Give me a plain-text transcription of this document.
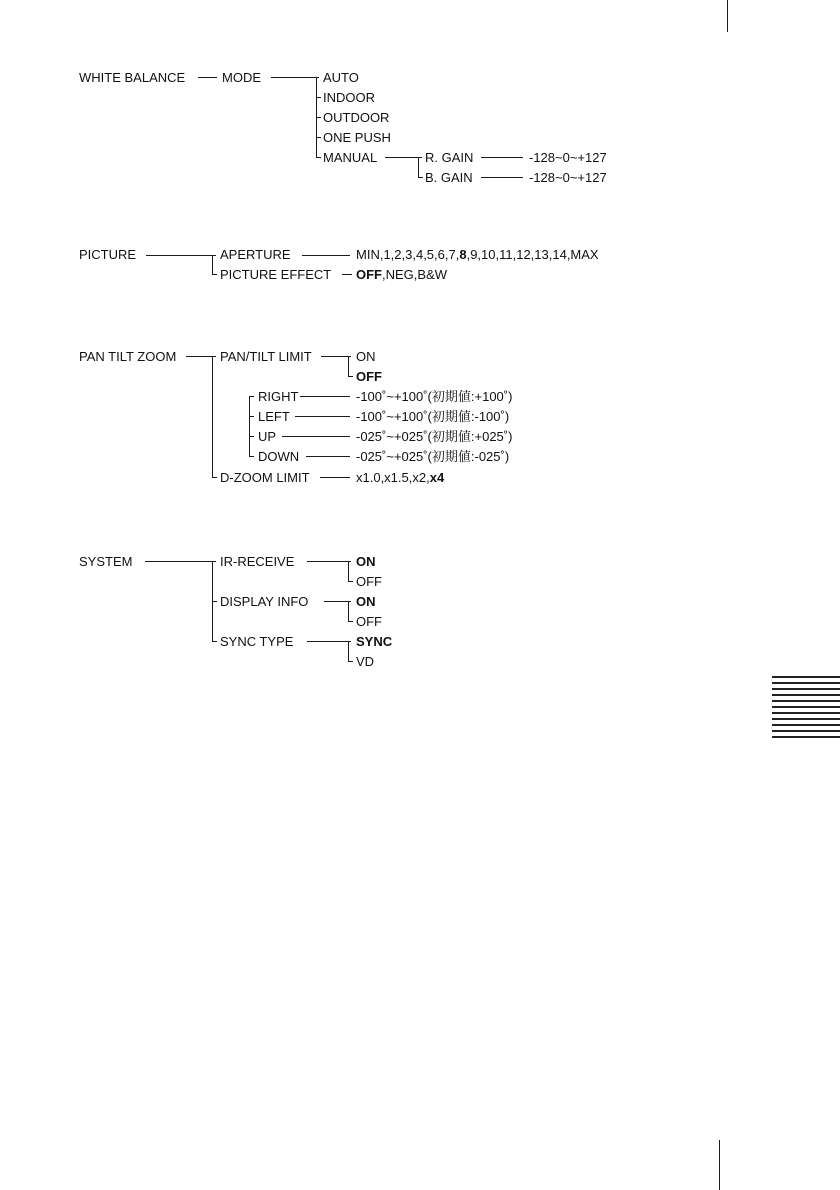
WHITE BALANCE	MODE	AUTO
INDOOR
OUTDOOR
ONE PUSH
MANUAL	R. GAIN	-128~0~+127
B. GAIN	-128~0~+127
PICTURE	APERTURE	MIN,1,2,3,4,5,6,7,8,9,10,11,12,13,14,MAX
PICTURE EFFECT OFF,NEG,B&W
PAN TILT ZOOM	PAN/TILT LIMIT	ON
OFF
RIGHT	-100˚~+100˚(初期値:+100˚)
LEFT	-100˚~+100˚(初期値:-100˚)
UP	-025˚~+025˚(初期値:+025˚)
DOWN	-025˚~+025˚(初期値:-025˚)
D-ZOOM LIMIT	x1.0,x1.5,x2,x4
SYSTEM	IR-RECEIVE	ON
OFF
DISPLAY INFO	ON
OFF
SYNC TYPE	SYNC
VD
